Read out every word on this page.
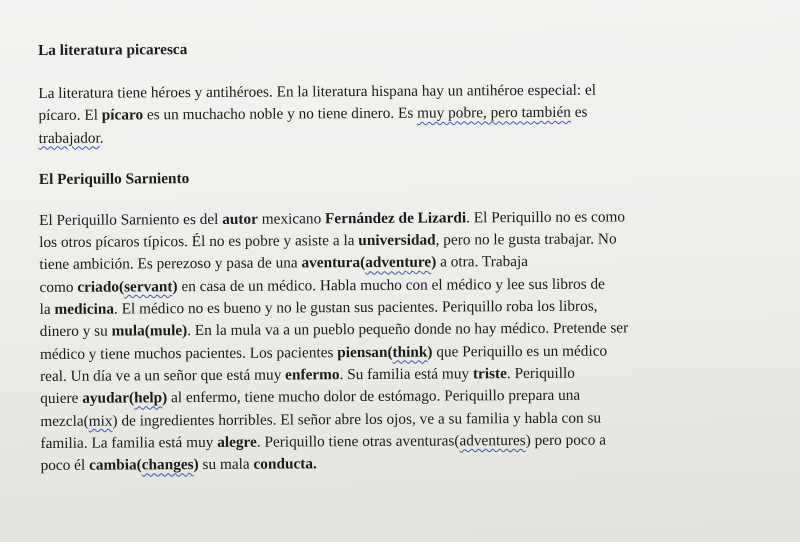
La literatura picaresca

La literatura tiene héroes y antihéroes. En la literatura hispana hay un antihéroe especial: el
pícaro. El pícaro es un muchacho noble y no tiene dinero. Es muy pobre, pero también es
trabajador.

El Periquillo Sarniento

El Periquillo Sarniento es del autor mexicano Fernández de Lizardi. El Periquillo no es como
los otros pícaros típicos. Él no es pobre y asiste a la universidad, pero no le gusta trabajar. No
tiene ambición. Es perezoso y pasa de una aventura(adventure) a otra. Trabaja
como criado(servant) en casa de un médico. Habla mucho con el médico y lee sus libros de
la medicina. El médico no es bueno y no le gustan sus pacientes. Periquillo roba los libros,
dinero y su mula(mule). En la mula va a un pueblo pequeño donde no hay médico. Pretende ser
médico y tiene muchos pacientes. Los pacientes piensan(think) que Periquillo es un médico
real. Un día ve a un señor que está muy enfermo. Su familia está muy triste. Periquillo
quiere ayudar(help) al enfermo, tiene mucho dolor de estómago. Periquillo prepara una
mezcla(mix) de ingredientes horribles. El señor abre los ojos, ve a su familia y habla con su
familia. La familia está muy alegre. Periquillo tiene otras aventuras(adventures) pero poco a
poco él cambia(changes) su mala conducta.
